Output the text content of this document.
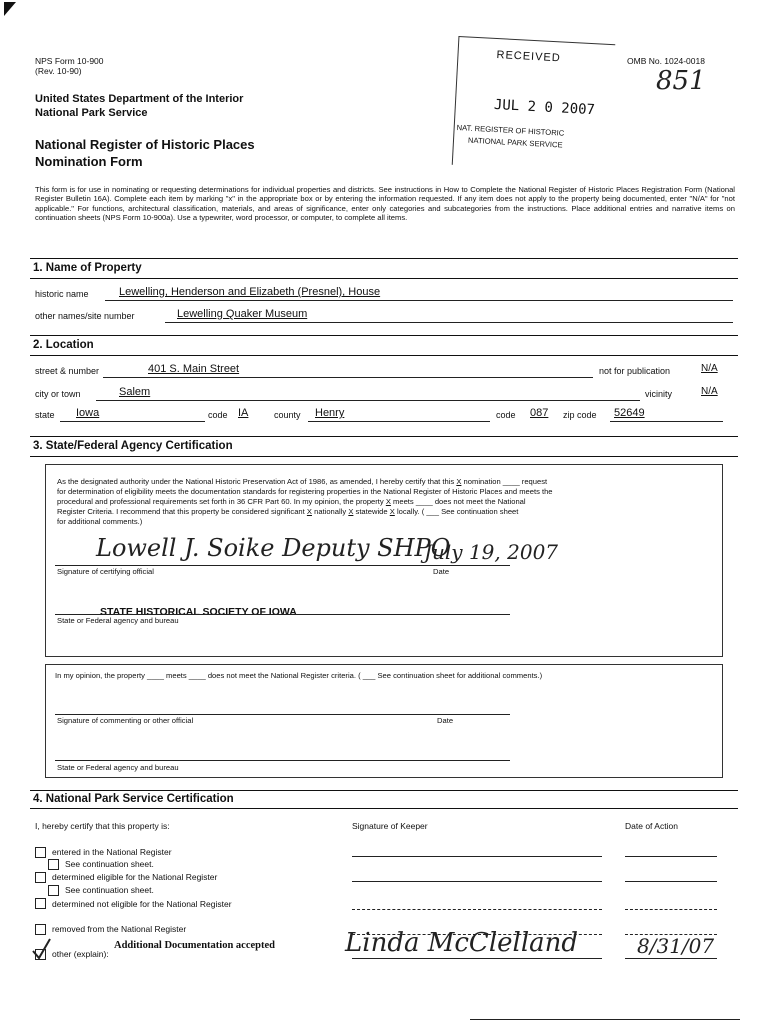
NPS Form 10-900
(Rev. 10-90)
OMB No. 1024-0018
851
United States Department of the Interior
National Park Service
National Register of Historic Places
Nomination Form
RECEIVED
JUL 2 0 2007
NAT. REGISTER OF HISTORIC
NATIONAL PARK SERVICE
This form is for use in nominating or requesting determinations for individual properties and districts. See instructions in How to Complete the National Register of Historic Places Registration Form (National Register Bulletin 16A). Complete each item by marking "x" in the appropriate box or by entering the information requested. If any item does not apply to the property being documented, enter "N/A" for "not applicable." For functions, architectural classification, materials, and areas of significance, enter only categories and subcategories from the instructions. Place additional entries and narrative items on continuation sheets (NPS Form 10-900a). Use a typewriter, word processor, or computer, to complete all items.
1. Name of Property
historic name	Lewelling, Henderson and Elizabeth (Presnel), House
other names/site number	Lewelling Quaker Museum
2. Location
street & number	401 S. Main Street	not for publication	N/A
city or town	Salem	vicinity	N/A
state Iowa	code IA	county Henry	code 087 zip code 52649
3. State/Federal Agency Certification
As the designated authority under the National Historic Preservation Act of 1986, as amended, I hereby certify that this X nomination ____ request
for determination of eligibility meets the documentation standards for registering properties in the National Register of Historic Places and meets the
procedural and professional requirements set forth in 36 CFR Part 60. In my opinion, the property X meets ____ does not meet the National
Register Criteria. I recommend that this property be considered significant X nationally X statewide X locally. ( ___ See continuation sheet
for additional comments.)
Lowell J. Soike Deputy SHPO
July 19, 2007
Signature of certifying official	Date
STATE HISTORICAL SOCIETY OF IOWA
State or Federal agency and bureau
In my opinion, the property ____ meets ____ does not meet the National Register criteria. ( ___ See continuation sheet for additional comments.)
Signature of commenting or other official	Date
State or Federal agency and bureau
4. National Park Service Certification
I, hereby certify that this property is:	Signature of Keeper	Date of Action
entered in the National Register
See continuation sheet.
determined eligible for the National Register
See continuation sheet.
determined not eligible for the National Register
removed from the National Register
other (explain):
Additional Documentation accepted	Linda McClelland	8/31/07
